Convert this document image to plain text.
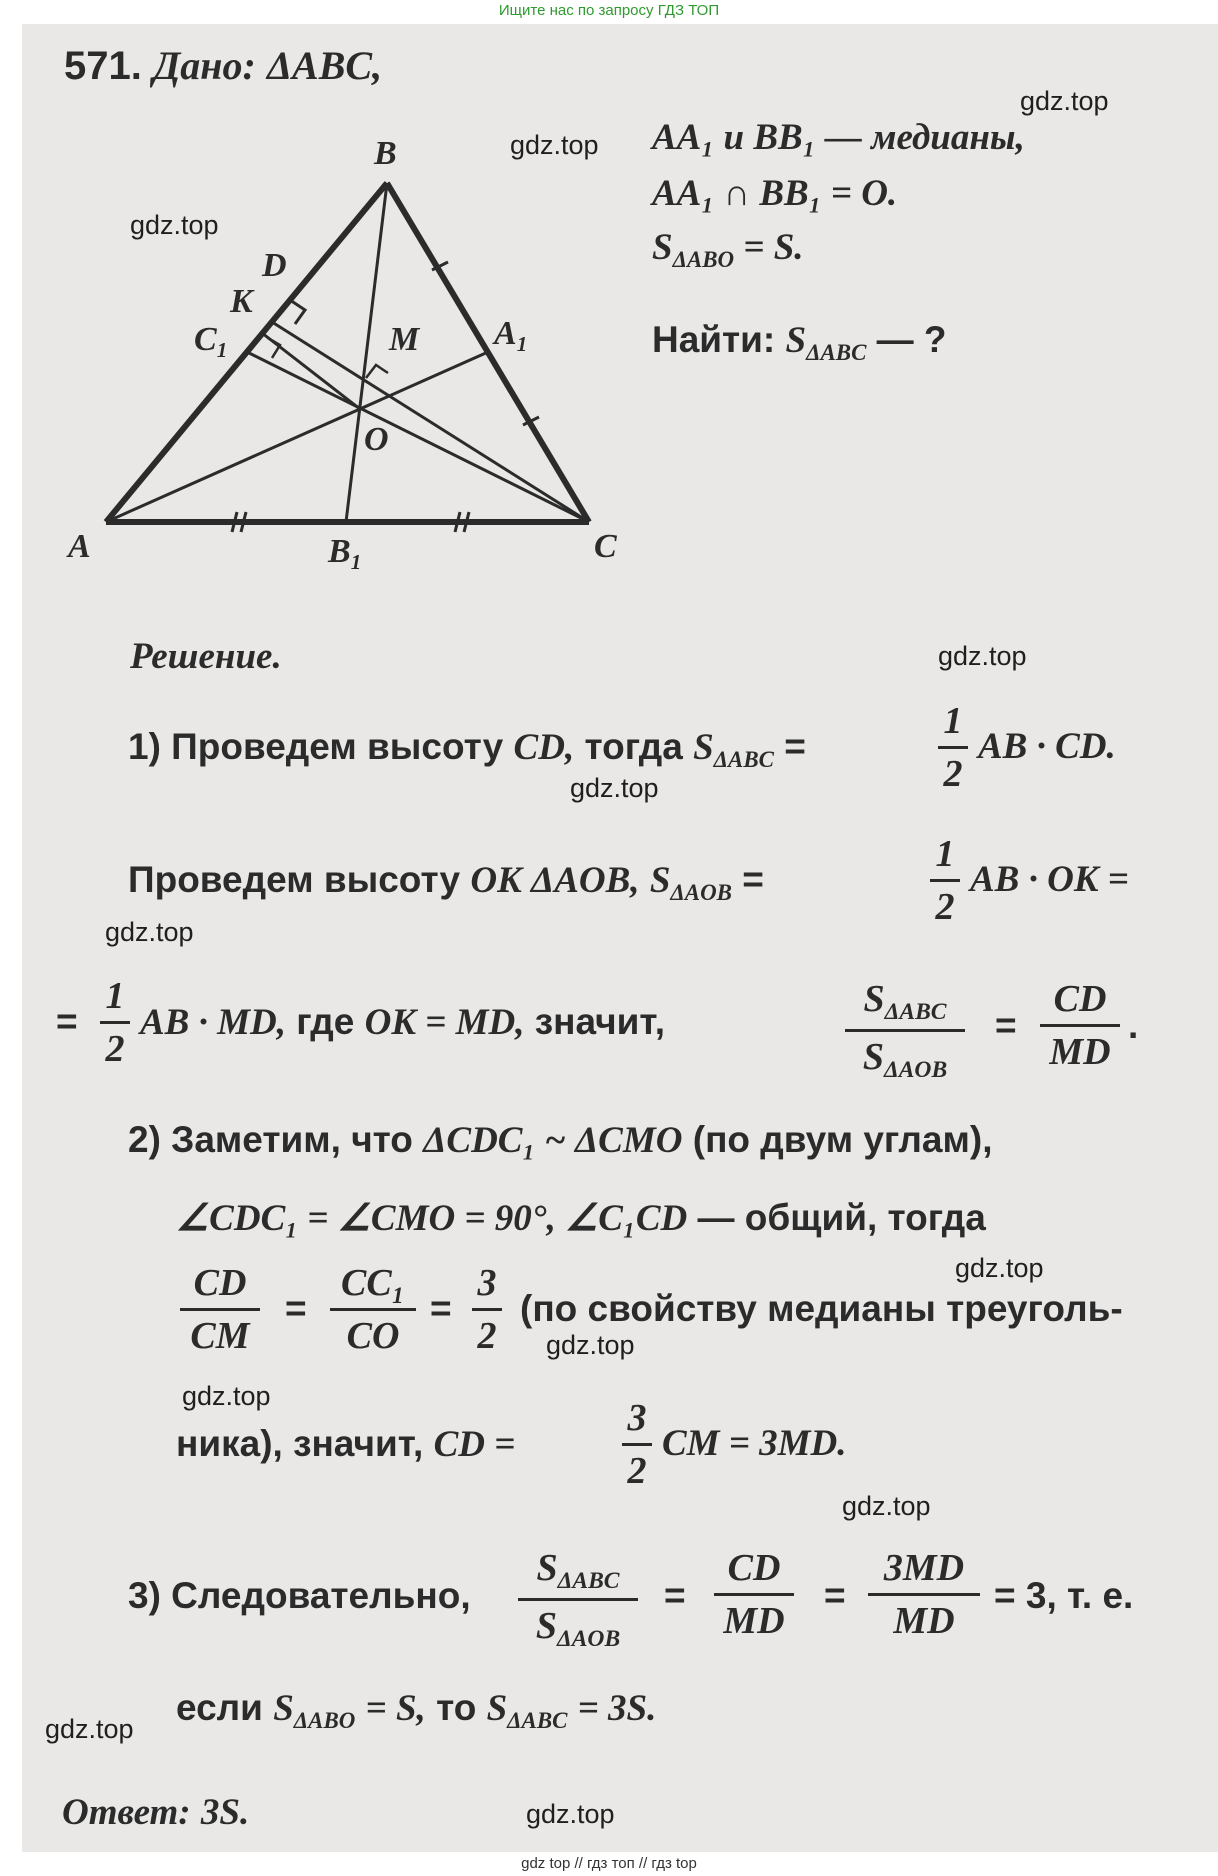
Ищите нас по запросу ГДЗ ТОП
gdz.top
gdz.top
gdz.top
gdz.top
gdz.top
gdz.top
gdz.top
gdz.top
gdz.top
gdz.top
gdz.top
gdz.top
571. Дано: ΔABC,
AA₁ и BB₁ — медианы,
AA₁ ∩ BB₁ = O.
$S_{\Delta ABO} = S$.
Найти: $S_{\Delta ABC}$ — ?
B
D
K
$C_1$	M $A_1$
O
A	$B_1$	C
Решение.
1) Проведем высоту CD, тогда $S_{\Delta ABC}$ =
1
2
AB · CD.
Проведем высоту OK ΔAOB, $S_{\Delta AOB}$ =
1
2
AB · OK =
=
1
2
AB · MD, где OK = MD, значит,
$S_{\Delta ABC}$
$S_{\Delta AOB}$
=
CD
MD
.
2) Заметим, что ΔCDC₁ ~ ΔCMO (по двум углам),
∠CDC₁ = ∠CMO = 90°, ∠C₁CD — общий, тогда
CD
CM
=
CC₁
CO
=
3
2
(по свойству медианы треуголь-
ника), значит, CD =
3
2
CM = 3MD.
3) Следовательно,
$S_{\Delta ABC}$
$S_{\Delta AOB}$
=
CD
MD
=
3MD
MD
= 3, т. е.
если $S_{\Delta ABO} = S$, то $S_{\Delta ABC} = 3S$.
Ответ: 3S.
gdz top // гдз топ // гдз top
